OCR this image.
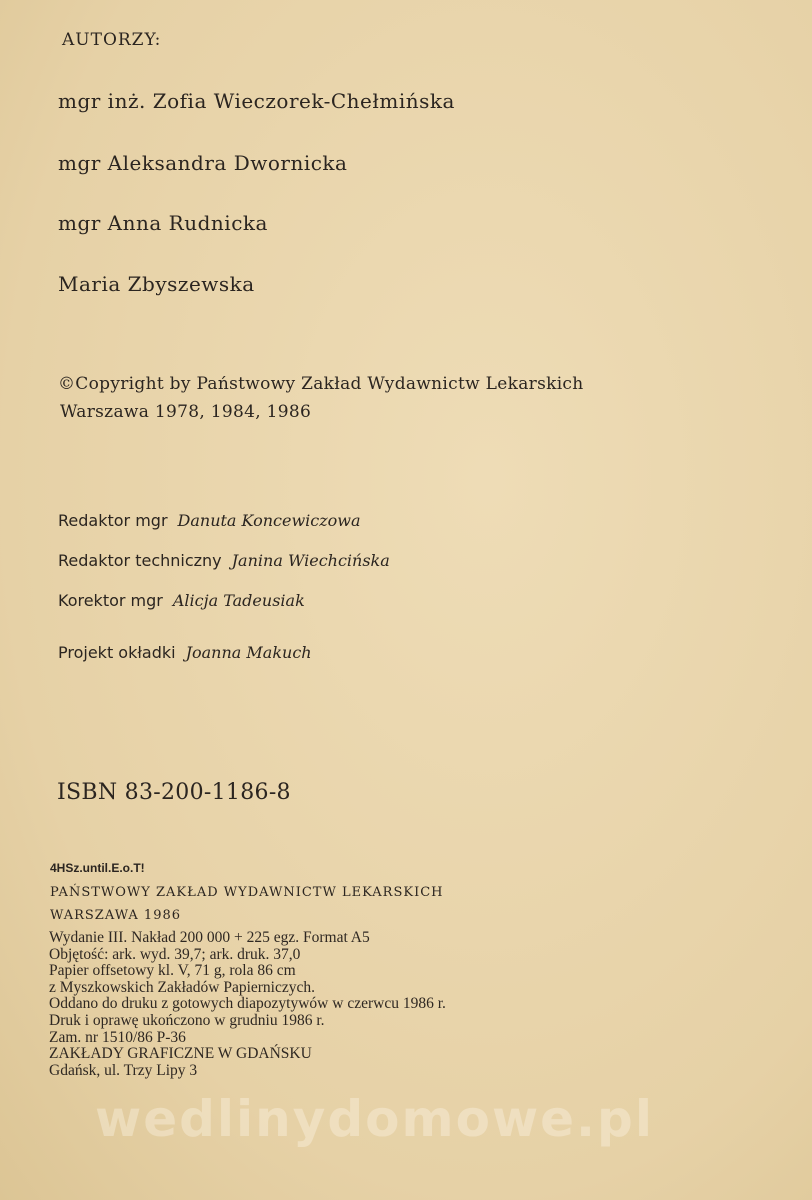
AUTORZY:
mgr inż. Zofia Wieczorek-Chełmińska
mgr Aleksandra Dwornicka
mgr Anna Rudnicka
Maria Zbyszewska
©Copyright by Państwowy Zakład Wydawnictw Lekarskich
Warszawa 1978, 1984, 1986
Redaktor mgr Danuta Koncewiczowa
Redaktor techniczny Janina Wiechcińska
Korektor mgr Alicja Tadeusiak
Projekt okładki Joanna Makuch
ISBN 83-200-1186-8
4HSz.until.E.o.T!
PAŃSTWOWY ZAKŁAD WYDAWNICTW LEKARSKICH
WARSZAWA 1986
Wydanie III. Nakład 200 000 + 225 egz. Format A5
Objętość: ark. wyd. 39,7; ark. druk. 37,0
Papier offsetowy kl. V, 71 g, rola 86 cm
z Myszkowskich Zakładów Papierniczych.
Oddano do druku z gotowych diapozytywów w czerwcu 1986 r.
Druk i oprawę ukończono w grudniu 1986 r.
Zam. nr 1510/86 P-36
ZAKŁADY GRAFICZNE W GDAŃSKU
Gdańsk, ul. Trzy Lipy 3
wedlinydomowe.pl
